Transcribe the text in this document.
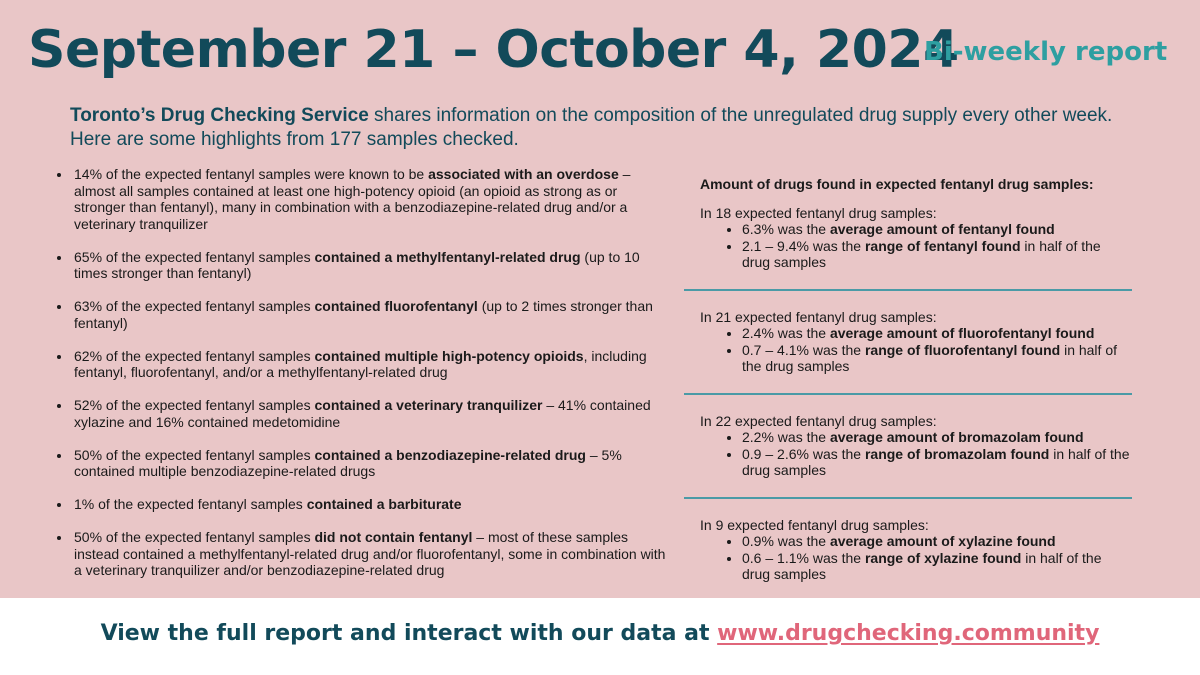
September 21 – October 4, 2024
Bi-weekly report

Toronto’s Drug Checking Service shares information on the composition of the unregulated drug supply every other week. Here are some highlights from 177 samples checked.

• 14% of the expected fentanyl samples were known to be associated with an overdose – almost all samples contained at least one high-potency opioid (an opioid as strong as or stronger than fentanyl), many in combination with a benzodiazepine-related drug and/or a veterinary tranquilizer
• 65% of the expected fentanyl samples contained a methylfentanyl-related drug (up to 10 times stronger than fentanyl)
• 63% of the expected fentanyl samples contained fluorofentanyl (up to 2 times stronger than fentanyl)
• 62% of the expected fentanyl samples contained multiple high-potency opioids, including fentanyl, fluorofentanyl, and/or a methylfentanyl-related drug
• 52% of the expected fentanyl samples contained a veterinary tranquilizer – 41% contained xylazine and 16% contained medetomidine
• 50% of the expected fentanyl samples contained a benzodiazepine-related drug – 5% contained multiple benzodiazepine-related drugs
• 1% of the expected fentanyl samples contained a barbiturate
• 50% of the expected fentanyl samples did not contain fentanyl – most of these samples instead contained a methylfentanyl-related drug and/or fluorofentanyl, some in combination with a veterinary tranquilizer and/or benzodiazepine-related drug
Amount of drugs found in expected fentanyl drug samples:

In 18 expected fentanyl drug samples:

• 6.3% was the average amount of fentanyl found
• 2.1 – 9.4% was the range of fentanyl found in half of the drug samples

In 21 expected fentanyl drug samples:

• 2.4% was the average amount of fluorofentanyl found
• 0.7 – 4.1% was the range of fluorofentanyl found in half of the drug samples

In 22 expected fentanyl drug samples:

• 2.2% was the average amount of bromazolam found
• 0.9 – 2.6% was the range of bromazolam found in half of the drug samples

In 9 expected fentanyl drug samples:

• 0.9% was the average amount of xylazine found
• 0.6 – 1.1% was the range of xylazine found in half of the drug samples
View the full report and interact with our data at www.drugchecking.community
